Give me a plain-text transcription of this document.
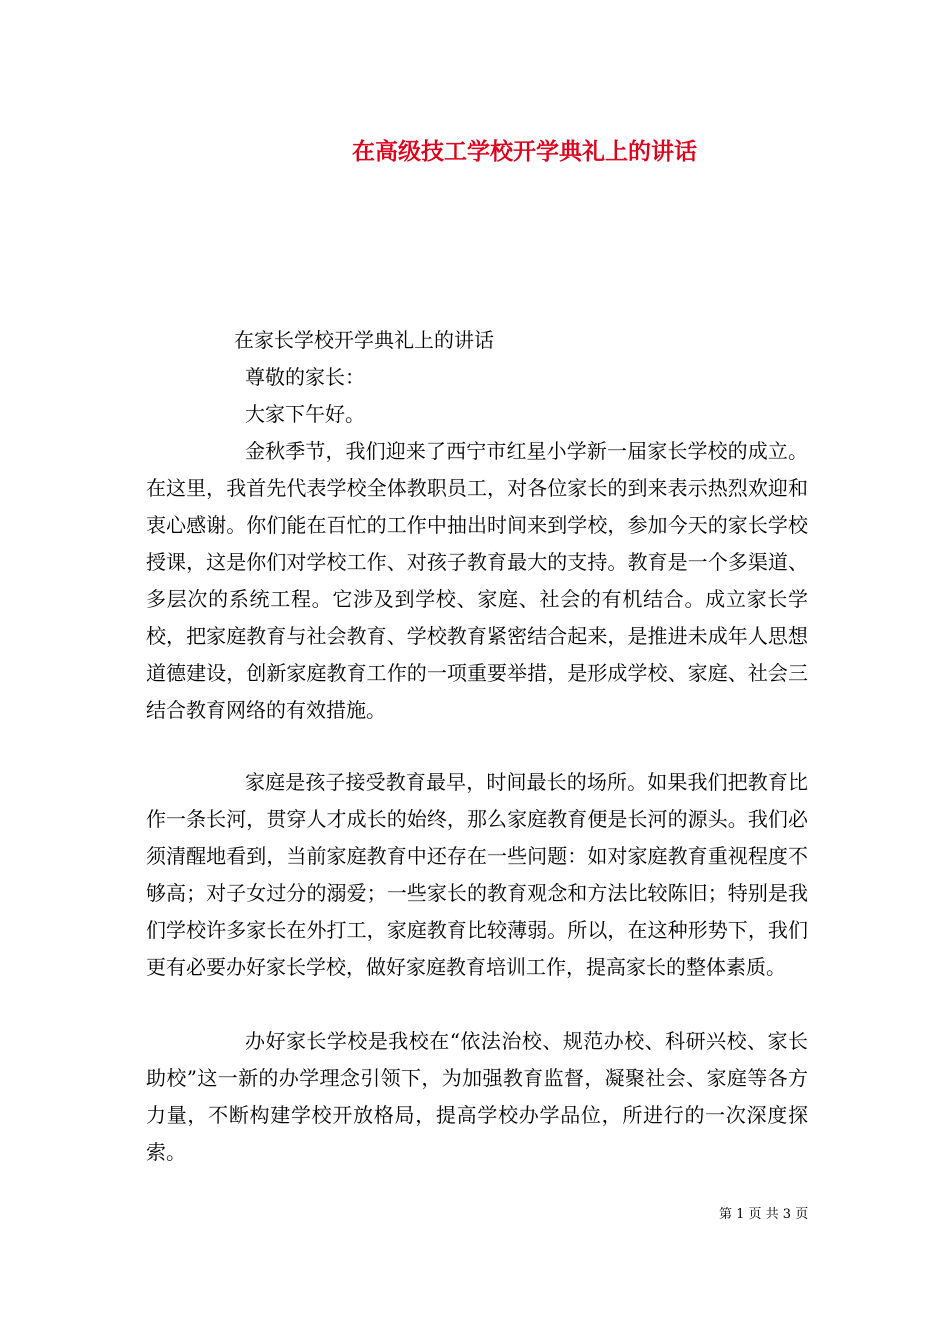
在高级技工学校开学典礼上的讲话
在家长学校开学典礼上的讲话
尊敬的家长：
大家下午好。

金秋季节，我们迎来了西宁市红星小学新一届家长学校的成立。在这里，我首先代表学校全体教职员工，对各位家长的到来表示热烈欢迎和衷心感谢。你们能在百忙的工作中抽出时间来到学校，参加今天的家长学校授课，这是你们对学校工作、对孩子教育最大的支持。教育是一个多渠道、多层次的系统工程。它涉及到学校、家庭、社会的有机结合。成立家长学校，把家庭教育与社会教育、学校教育紧密结合起来，是推进未成年人思想道德建设，创新家庭教育工作的一项重要举措，是形成学校、家庭、社会三结合教育网络的有效措施。

家庭是孩子接受教育最早，时间最长的场所。如果我们把教育比作一条长河，贯穿人才成长的始终，那么家庭教育便是长河的源头。我们必须清醒地看到，当前家庭教育中还存在一些问题：如对家庭教育重视程度不够高；对子女过分的溺爱；一些家长的教育观念和方法比较陈旧；特别是我们学校许多家长在外打工，家庭教育比较薄弱。所以，在这种形势下，我们更有必要办好家长学校，做好家庭教育培训工作，提高家长的整体素质。

办好家长学校是我校在“依法治校、规范办校、科研兴校、家长助校”这一新的办学理念引领下，为加强教育监督，凝聚社会、家庭等各方力量，不断构建学校开放格局，提高学校办学品位，所进行的一次深度探索。

第 1 页 共 3 页
